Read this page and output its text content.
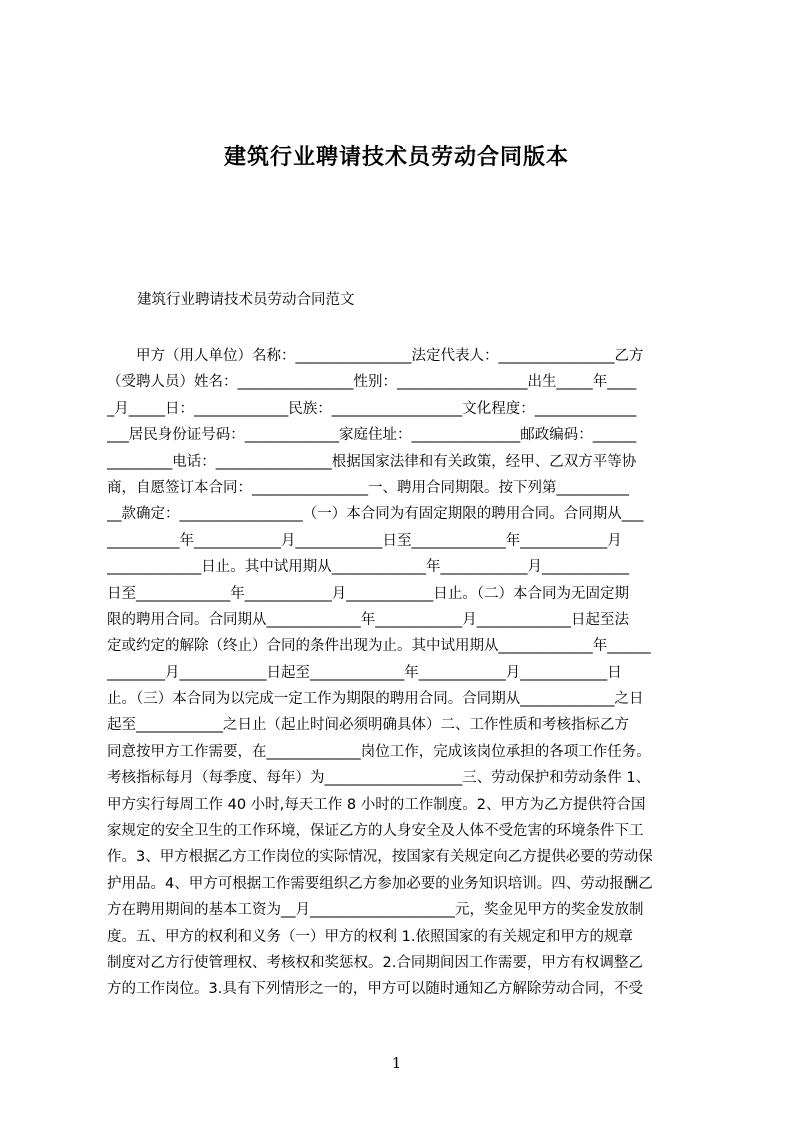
建筑行业聘请技术员劳动合同版本
建筑行业聘请技术员劳动合同范文
　　甲方（用人单位）名称：________________法定代表人：________________乙方
（受聘人员）姓名：________________性别：__________________出生_____年____
_月_____日：_____________民族：__________________文化程度：______________
___居民身份证号码：_____________家庭住址：_______________邮政编码：______
_________电话：________________根据国家法律和有关政策，经甲、乙双方平等协
商，自愿签订本合同：________________一、聘用合同期限。按下列第__________
__款确定：_________________（一）本合同为有固定期限的聘用合同。合同期从___
__________年____________月____________日至_____________年____________月
_____________日止。其中试用期从_____________年____________月____________
日至_____________年____________月____________日止。（二）本合同为无固定期
限的聘用合同。合同期从_____________年____________月_____________日起至法
定或约定的解除（终止）合同的条件出现为止。其中试用期从_____________年______
________月____________日起至_____________年____________月____________日
止。（三）本合同为以完成一定工作为期限的聘用合同。合同期从_____________之日
起至____________之日止（起止时间必须明确具体）二、工作性质和考核指标乙方
同意按甲方工作需要，在_____________岗位工作，完成该岗位承担的各项工作任务。
考核指标每月（每季度、每年）为___________________三、劳动保护和劳动条件 1、
甲方实行每周工作 40 小时,每天工作 8 小时的工作制度。2、甲方为乙方提供符合国
家规定的安全卫生的工作环境，保证乙方的人身安全及人体不受危害的环境条件下工
作。3、甲方根据乙方工作岗位的实际情况，按国家有关规定向乙方提供必要的劳动保
护用品。4、甲方可根据工作需要组织乙方参加必要的业务知识培训。四、劳动报酬乙
方在聘用期间的基本工资为__月____________________元，奖金见甲方的奖金发放制
度。五、甲方的权利和义务（一）甲方的权利 1.依照国家的有关规定和甲方的规章
制度对乙方行使管理权、考核权和奖惩权。2.合同期间因工作需要，甲方有权调整乙
方的工作岗位。3.具有下列情形之一的，甲方可以随时通知乙方解除劳动合同，不受
1
